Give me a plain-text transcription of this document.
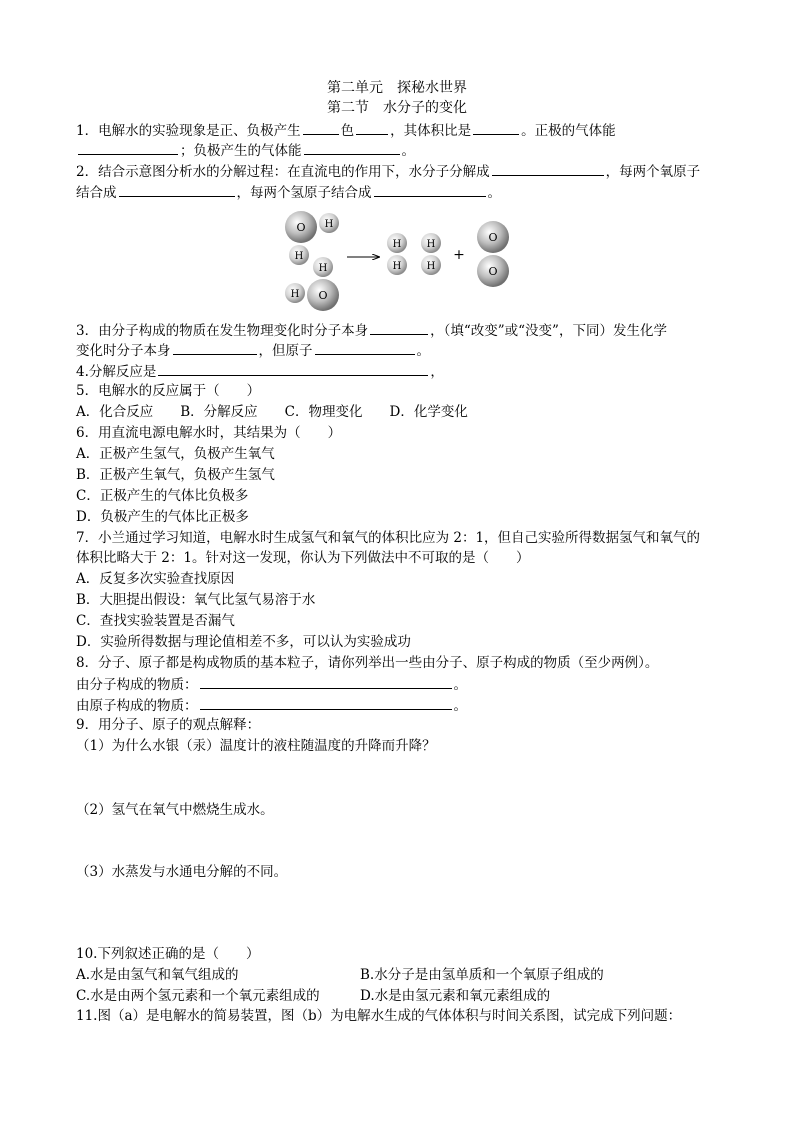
第二单元　探秘水世界
第二节　水分子的变化
1．电解水的实验现象是正、负极产生	色	，其体积比是	。正极的气体能
；负极产生的气体能	。
2．结合示意图分析水的分解过程：在直流电的作用下，水分子分解成	，每两个氧原子
结合成	，每两个氢原子结合成	。
O H
H
H
H O
H
H
H
H
+
O
O
3．由分子构成的物质在发生物理变化时分子本身	，（填“改变”或“没变”，下同）发生化学
变化时分子本身	，但原子	。
4.分解反应是	，
5．电解水的反应属于（　　）
A．化合反应　　B．分解反应　　C．物理变化　　D．化学变化
6．用直流电源电解水时，其结果为（　　）
A．正极产生氢气，负极产生氧气
B．正极产生氧气，负极产生氢气
C．正极产生的气体比负极多
D．负极产生的气体比正极多
7．小兰通过学习知道，电解水时生成氢气和氧气的体积比应为 2：1，但自己实验所得数据氢气和氧气的
体积比略大于 2：1。针对这一发现，你认为下列做法中不可取的是（　　）
A．反复多次实验查找原因
B．大胆提出假设：氧气比氢气易溶于水
C．查找实验装置是否漏气
D．实验所得数据与理论值相差不多，可以认为实验成功
8．分子、原子都是构成物质的基本粒子，请你列举出一些由分子、原子构成的物质（至少两例）。
由分子构成的物质：	。
由原子构成的物质：	。
9．用分子、原子的观点解释：
（1）为什么水银（汞）温度计的液柱随温度的升降而升降？
（2）氢气在氧气中燃烧生成水。
（3）水蒸发与水通电分解的不同。
10.下列叙述正确的是（　　）
A.水是由氢气和氧气组成的	B.水分子是由氢单质和一个氧原子组成的
C.水是由两个氢元素和一个氧元素组成的	D.水是由氢元素和氧元素组成的
11.图（a）是电解水的简易装置，图（b）为电解水生成的气体体积与时间关系图，试完成下列问题：
